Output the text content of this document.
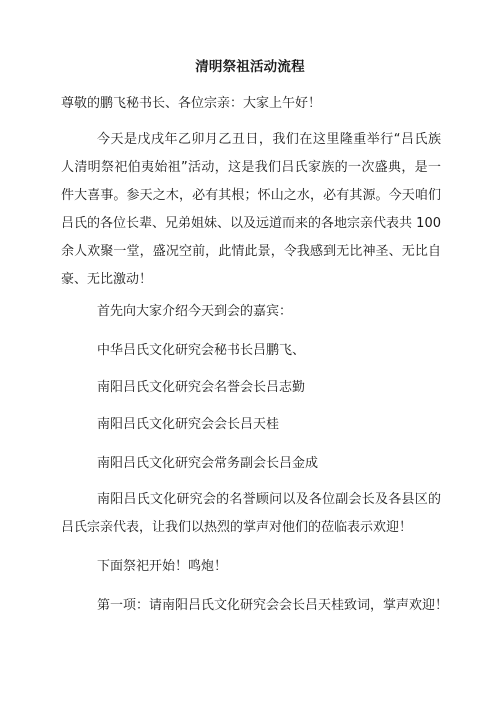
清明祭祖活动流程
尊敬的鹏飞秘书长、各位宗亲：大家上午好！
今天是戊戌年乙卯月乙丑日，我们在这里隆重举行“吕氏族人清明祭祀伯夷始祖”活动，这是我们吕氏家族的一次盛典，是一件大喜事。参天之木，必有其根；怀山之水，必有其源。今天咱们吕氏的各位长辈、兄弟姐妹、以及远道而来的各地宗亲代表共 100 余人欢聚一堂，盛况空前，此情此景，令我感到无比神圣、无比自豪、无比激动！
首先向大家介绍今天到会的嘉宾：
中华吕氏文化研究会秘书长吕鹏飞、
南阳吕氏文化研究会名誉会长吕志勤
南阳吕氏文化研究会会长吕天桂
南阳吕氏文化研究会常务副会长吕金成
南阳吕氏文化研究会的名誉顾问以及各位副会长及各县区的吕氏宗亲代表，让我们以热烈的掌声对他们的莅临表示欢迎！
下面祭祀开始！鸣炮！
第一项：请南阳吕氏文化研究会会长吕天桂致词，掌声欢迎！
